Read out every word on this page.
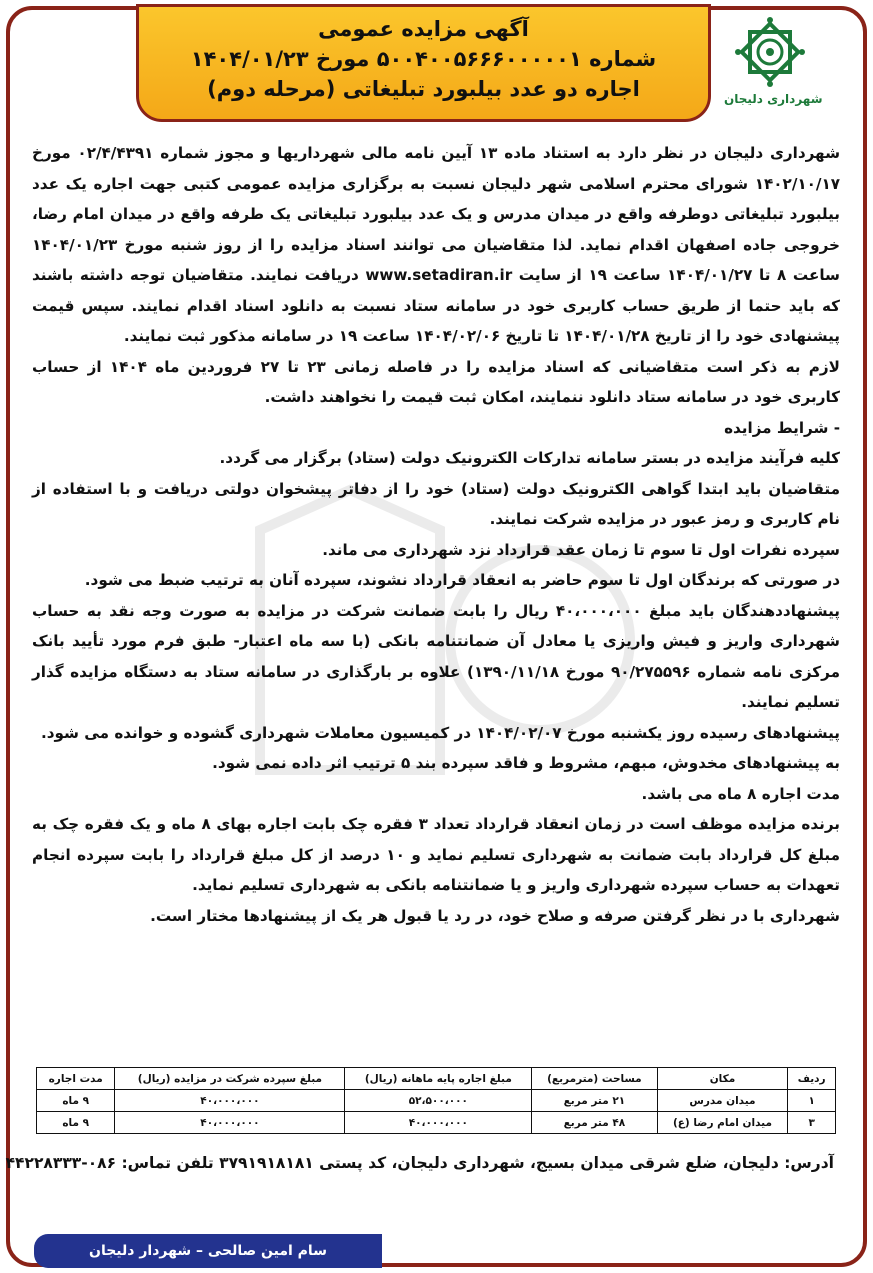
آگهی مزایده عمومی
شماره ۵۰۰۴۰۰۵۶۶۶۰۰۰۰۰۱ مورخ ۱۴۰۴/۰۱/۲۳
اجاره دو عدد بیلبورد تبلیغاتی (مرحله دوم)	شهرداری دلیجان

شهرداری دلیجان در نظر دارد به استناد ماده ۱۳ آیین نامه مالی شهرداریها و مجوز شماره ۰۲/۴/۴۳۹۱ مورخ ۱۴۰۲/۱۰/۱۷ شورای محترم اسلامی شهر دلیجان نسبت به برگزاری مزایده عمومی کتبی جهت اجاره یک عدد بیلبورد تبلیغاتی دوطرفه واقع در میدان مدرس و یک عدد بیلبورد تبلیغاتی یک طرفه واقع در میدان امام رضا، خروجی جاده اصفهان اقدام نماید. لذا متقاضیان می توانند اسناد مزایده را از روز شنبه مورخ ۱۴۰۴/۰۱/۲۳ ساعت ۸ تا ۱۴۰۴/۰۱/۲۷ ساعت ۱۹ از سایت www.setadiran.ir دریافت نمایند. متقاضیان توجه داشته باشند که باید حتما از طریق حساب کاربری خود در سامانه ستاد نسبت به دانلود اسناد اقدام نمایند. سپس قیمت پیشنهادی خود را از تاریخ ۱۴۰۴/۰۱/۲۸ تا تاریخ ۱۴۰۴/۰۲/۰۶ ساعت ۱۹ در سامانه مذکور ثبت نمایند.

لازم به ذکر است متقاضیانی که اسناد مزایده را در فاصله زمانی ۲۳ تا ۲۷ فروردین ماه ۱۴۰۴ از حساب کاربری خود در سامانه ستاد دانلود ننمایند، امکان ثبت قیمت را نخواهند داشت.

- شرایط مزایده

کلیه فرآیند مزایده در بستر سامانه تدارکات الکترونیک دولت (ستاد) برگزار می گردد.

متقاضیان باید ابتدا گواهی الکترونیک دولت (ستاد) خود را از دفاتر پیشخوان دولتی دریافت و با استفاده از نام کاربری و رمز عبور در مزایده شرکت نمایند.

سپرده نفرات اول تا سوم تا زمان عقد قرارداد نزد شهرداری می ماند.

در صورتی که برندگان اول تا سوم حاضر به انعقاد قرارداد نشوند، سپرده آنان به ترتیب ضبط می شود.

پیشنهاددهندگان باید مبلغ ۴۰،۰۰۰،۰۰۰ ریال را بابت ضمانت شرکت در مزایده به صورت وجه نقد به حساب شهرداری واریز و فیش واریزی یا معادل آن ضمانتنامه بانکی (با سه ماه اعتبار- طبق فرم مورد تأیید بانک مرکزی نامه شماره ۹۰/۲۷۵۵۹۶ مورخ ۱۳۹۰/۱۱/۱۸) علاوه بر بارگذاری در سامانه ستاد به دستگاه مزایده گذار تسلیم نمایند.

پیشنهادهای رسیده روز یکشنبه مورخ ۱۴۰۴/۰۲/۰۷ در کمیسیون معاملات شهرداری گشوده و خوانده می شود.

به پیشنهادهای مخدوش، مبهم، مشروط و فاقد سپرده بند ۵ ترتیب اثر داده نمی شود.

مدت اجاره ۸ ماه می باشد.

برنده مزایده موظف است در زمان انعقاد قرارداد تعداد ۳ فقره چک بابت اجاره بهای ۸ ماه و یک فقره چک به مبلغ کل قرارداد بابت ضمانت به شهرداری تسلیم نماید و ۱۰ درصد از کل مبلغ قرارداد را بابت سپرده انجام تعهدات به حساب سپرده شهرداری واریز و یا ضمانتنامه بانکی به شهرداری تسلیم نماید.

شهرداری با در نظر گرفتن صرفه و صلاح خود، در رد یا قبول هر یک از پیشنهادها مختار است.

ردیف	مکان	مساحت (مترمربع)	مبلغ اجاره پایه ماهانه (ریال)	مبلغ سپرده شرکت در مزایده (ریال)	مدت اجاره
۱	میدان مدرس	۲۱ متر مربع	۵۲،۵۰۰،۰۰۰	۴۰،۰۰۰،۰۰۰	۹ ماه
۳	میدان امام رضا (ع)	۴۸ متر مربع	۴۰،۰۰۰،۰۰۰	۴۰،۰۰۰،۰۰۰	۹ ماه
آدرس: دلیجان، ضلع شرقی میدان بسیج، شهرداری دلیجان، کد پستی ۳۷۹۱۹۱۸۱۸۱ تلفن تماس: ۰۸۶-۴۴۲۲۸۳۳۳
سام امین صالحی – شهردار دلیجان
